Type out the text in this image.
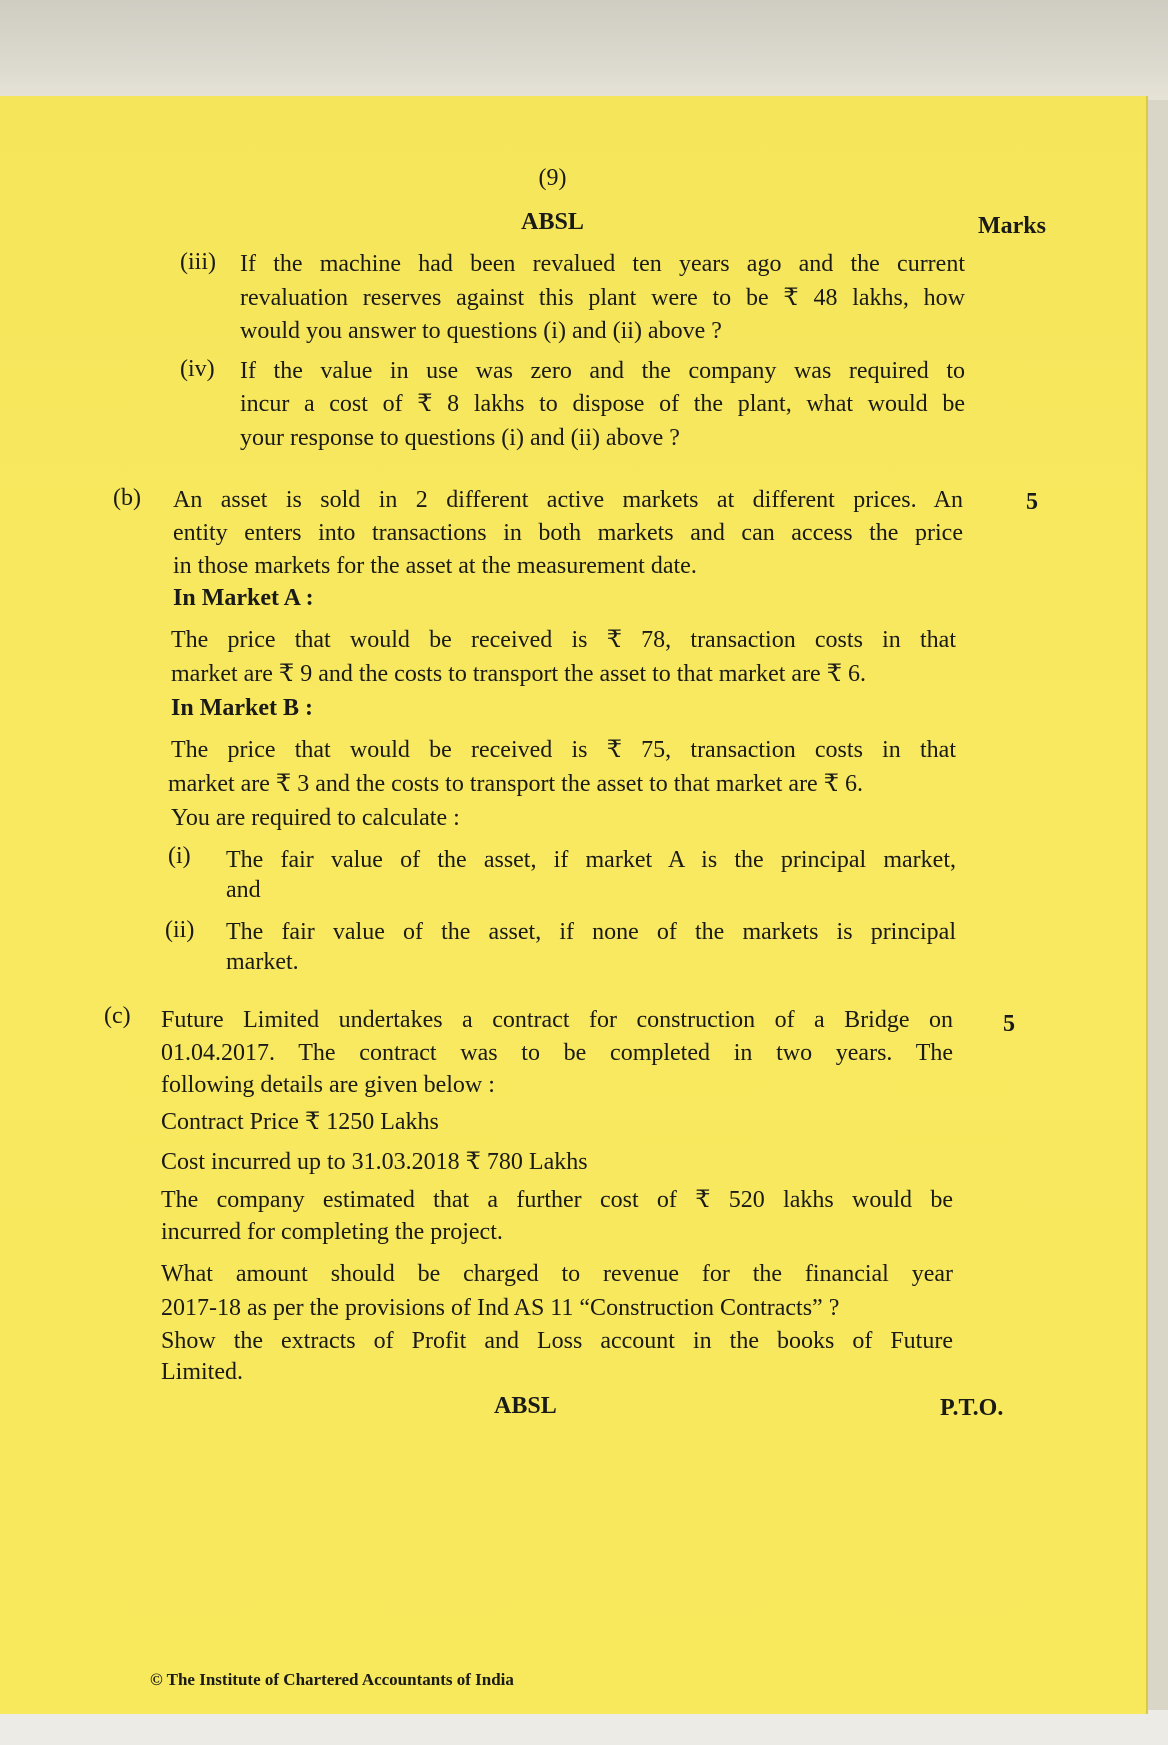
(9)
ABSL	Marks
(iii) If the machine had been revalued ten years ago and the current
revaluation reserves against this plant were to be ₹ 48 lakhs, how
would you answer to questions (i) and (ii) above ?
(iv) If the value in use was zero and the company was required to
incur a cost of ₹ 8 lakhs to dispose of the plant, what would be
your response to questions (i) and (ii) above ?
(b)	5
An asset is sold in 2 different active markets at different prices. An
entity enters into transactions in both markets and can access the price
in those markets for the asset at the measurement date.
In Market A :
The price that would be received is ₹ 78, transaction costs in that
market are ₹ 9 and the costs to transport the asset to that market are ₹ 6.
In Market B :
The price that would be received is ₹ 75, transaction costs in that
market are ₹ 3 and the costs to transport the asset to that market are ₹ 6.
You are required to calculate :
(i) The fair value of the asset, if market A is the principal market,
and
(ii) The fair value of the asset, if none of the markets is principal
market.
(c)	5
Future Limited undertakes a contract for construction of a Bridge on
01.04.2017. The contract was to be completed in two years. The
following details are given below :
Contract Price ₹ 1250 Lakhs
Cost incurred up to 31.03.2018 ₹ 780 Lakhs
The company estimated that a further cost of ₹ 520 lakhs would be
incurred for completing the project.
What amount should be charged to revenue for the financial year
2017-18 as per the provisions of Ind AS 11 “Construction Contracts” ?
Show the extracts of Profit and Loss account in the books of Future
Limited.
ABSL	P.T.O.
© The Institute of Chartered Accountants of India
